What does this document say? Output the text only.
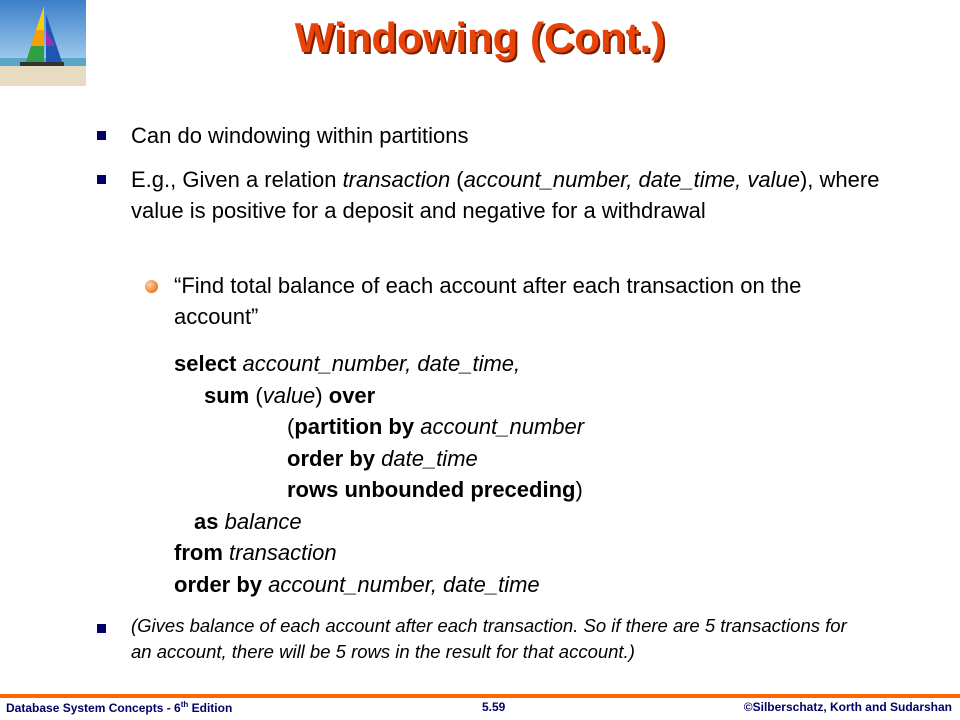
Windowing (Cont.)
Can do windowing within partitions
E.g., Given a relation transaction (account_number, date_time, value), where value is positive for a deposit and negative for a withdrawal
“Find total balance of each account after each transaction on the account”
select account_number, date_time,
sum (value) over
(partition by account_number
order by date_time
rows unbounded preceding)
as balance
from transaction
order by account_number, date_time
(Gives balance of each account after each transaction. So if there are 5 transactions for an account, there will be 5 rows in the result for that account.)
Database System Concepts - 6th Edition	5.59	©Silberschatz, Korth and Sudarshan
